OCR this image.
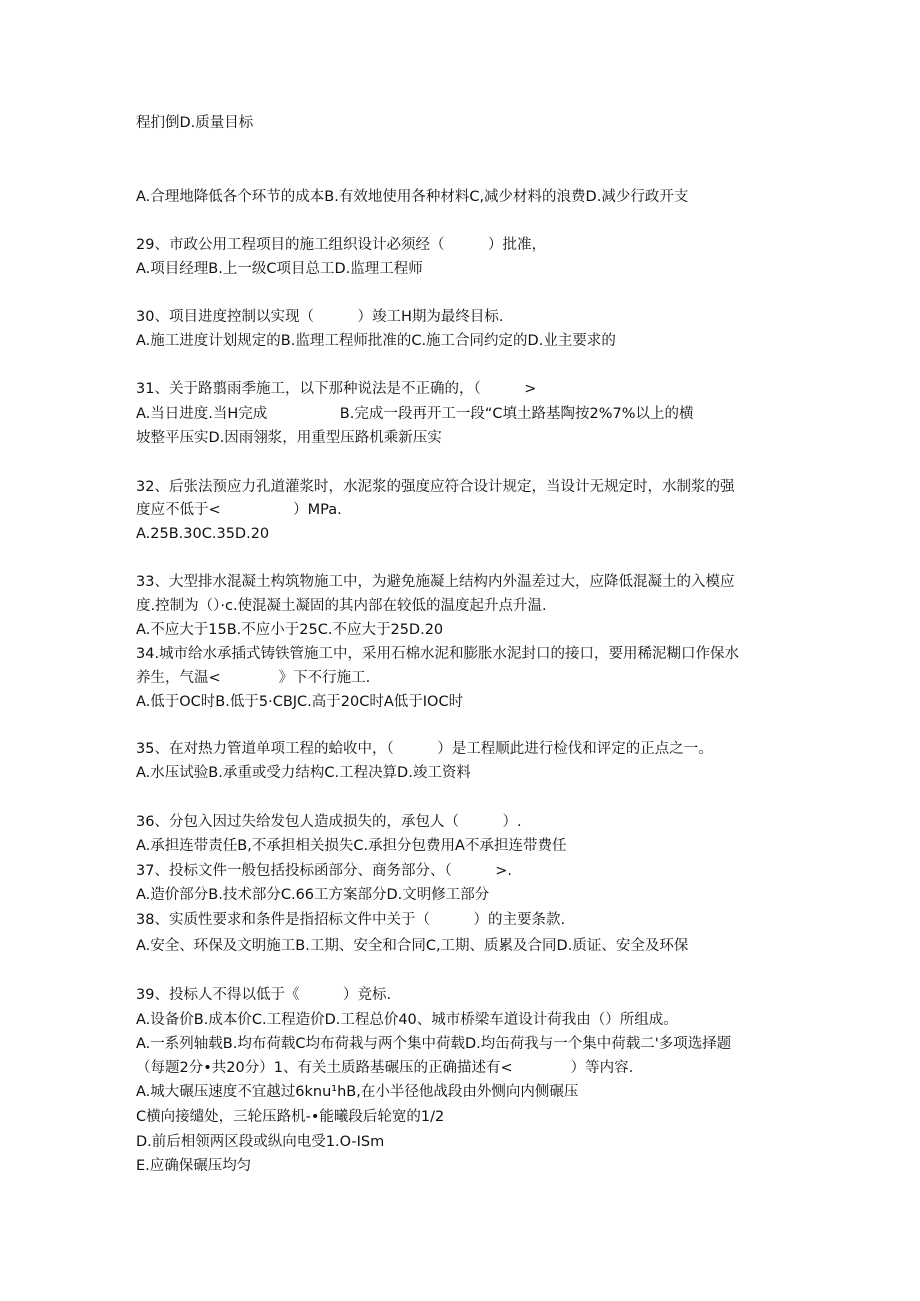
程扪倒D.质量目标

A.合理地降低各个环节的成本B.有效地使用各种材料C,减少材料的浪费D.减少行政开支

29、市政公用工程项目的施工组织设计必须经（　　　）批准，

A.项目经理B.上一级C项目总工D.监理工程师

30、项目进度控制以实现（　　　）竣工H期为最终目标.

A.施工进度计划规定的B.监理工程师批准的C.施工合同约定的D.业主要求的

31、关于路翦雨季施工，以下那种说法是不正确的，（　　　>

A.当日进度.当H完成　　　　　B.完成一段再开工一段“C填土路基陶按2%7%以上的横

坡整平压实D.因雨翎浆，用重型压路机乘新压实

32、后张法预应力孔道灌浆时，水泥浆的强度应符合设计规定，当设计无规定时，水制浆的强

度应不低于<　　　　　）MPa.

A.25B.30C.35D.20

33、大型排水混凝土构筑物施工中，为避免施凝上结构内外温差过大，应降低混凝土的入模应

度.控制为（）·c.使混凝土凝固的其内部在较低的温度起升点升温.

A.不应大于15B.不应小于25C.不应大于25D.20

34.城市给水承插式铸铁管施工中，采用石棉水泥和膨胀水泥封口的接口，要用稀泥糊口作保水

养生，气温<　　　　》下不行施工.

A.低于OC时B.低于5·CBJC.高于20C时A低于IOC时

35、在对热力管道单项工程的蛤收中，（　　　）是工程顺此进行检伐和评定的正点之一。

A.水压试验B.承重或受力结构C.工程决算D.竣工资料

36、分包入因过失给发包人造成损失的，承包人（　　　）.

A.承担连带责任B,不承担相关损失C.承担分包费用A不承担连带费任

37、投标文件一般包括投标函部分、商务部分、（　　　>.

A.造价部分B.技术部分C.66工方案部分D.文明修工部分

38、实质性要求和条件是指招标文件中关于（　　　）的主要条款.

A.安全、环保及文明施工B.工期、安全和合同C,工期、质累及合同D.质证、安全及环保

39、投标人不得以低于《　　　）竞标.

A.设备价B.成本价C.工程造价D.工程总价40、城市桥梁车道设计荷我由（）所组成。

A.一系列轴载B.均布荷载C均布荷栽与两个集中荷载D.均缶荷我与一个集中荷载二'多项选择题

（每题2分•共20分）1、有关土质路基碾压的正确描述有<　　　　）等内容.

A.城大碾压速度不宜越过6knu¹hB,在小半径他战段由外恻向内侧碾压

C横向接缱处，三轮压路机-•能曦段后轮宽的1/2

D.前后相领两区段或纵向电受1.O-ISm

E.应确保碾压均匀
